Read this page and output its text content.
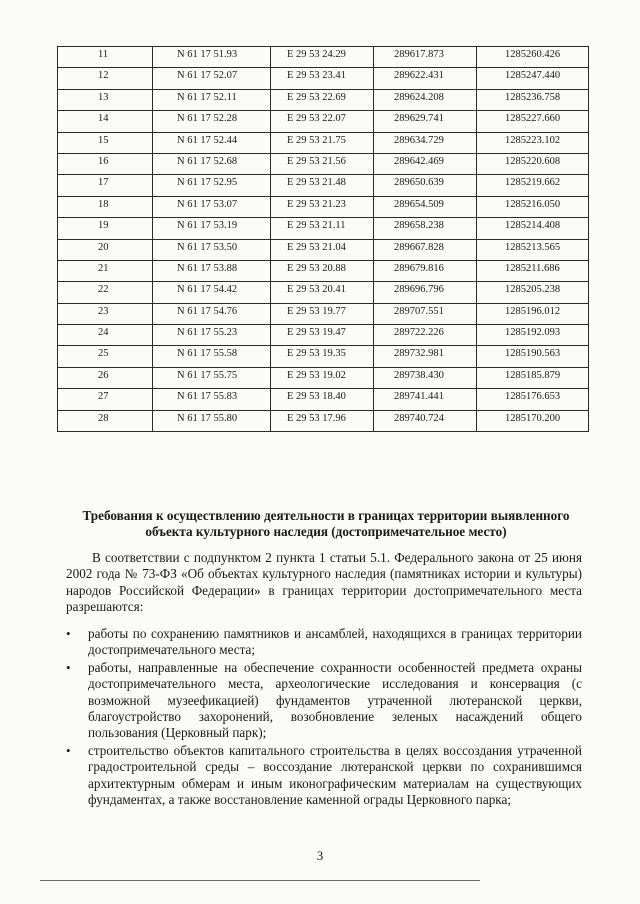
11	N 61 17 51.93	E 29 53 24.29	289617.873	1285260.426
12	N 61 17 52.07	E 29 53 23.41	289622.431	1285247.440
13	N 61 17 52.11	E 29 53 22.69	289624.208	1285236.758
14	N 61 17 52.28	E 29 53 22.07	289629.741	1285227.660
15	N 61 17 52.44	E 29 53 21.75	289634.729	1285223.102
16	N 61 17 52.68	E 29 53 21.56	289642.469	1285220.608
17	N 61 17 52.95	E 29 53 21.48	289650.639	1285219.662
18	N 61 17 53.07	E 29 53 21.23	289654.509	1285216.050
19	N 61 17 53.19	E 29 53 21.11	289658.238	1285214.408
20	N 61 17 53.50	E 29 53 21.04	289667.828	1285213.565
21	N 61 17 53.88	E 29 53 20.88	289679.816	1285211.686
22	N 61 17 54.42	E 29 53 20.41	289696.796	1285205.238
23	N 61 17 54.76	E 29 53 19.77	289707.551	1285196.012
24	N 61 17 55.23	E 29 53 19.47	289722.226	1285192.093
25	N 61 17 55.58	E 29 53 19.35	289732.981	1285190.563
26	N 61 17 55.75	E 29 53 19.02	289738.430	1285185.879
27	N 61 17 55.83	E 29 53 18.40	289741.441	1285176.653
28	N 61 17 55.80	E 29 53 17.96	289740.724	1285170.200
Требования к осуществлению деятельности в границах территории выявленного объекта культурного наследия (достопримечательное место)
В соответствии с подпунктом 2 пункта 1 статьи 5.1. Федерального закона от 25 июня 2002 года № 73-ФЗ «Об объектах культурного наследия (памятниках истории и культуры) народов Российской Федерации» в границах территории достопримечательного места разрешаются:
• работы по сохранению памятников и ансамблей, находящихся в границах территории достопримечательного места;
• работы, направленные на обеспечение сохранности особенностей предмета охраны достопримечательного места, археологические исследования и консервация (с возможной музеефикацией) фундаментов утраченной лютеранской церкви, благоустройство захоронений, возобновление зеленых насаждений общего пользования (Церковный парк);
• строительство объектов капитального строительства в целях воссоздания утраченной градостроительной среды – воссоздание лютеранской церкви по сохранившимся архитектурным обмерам и иным иконографическим материалам на существующих фундаментах, а также восстановление каменной ограды Церковного парка;
3
